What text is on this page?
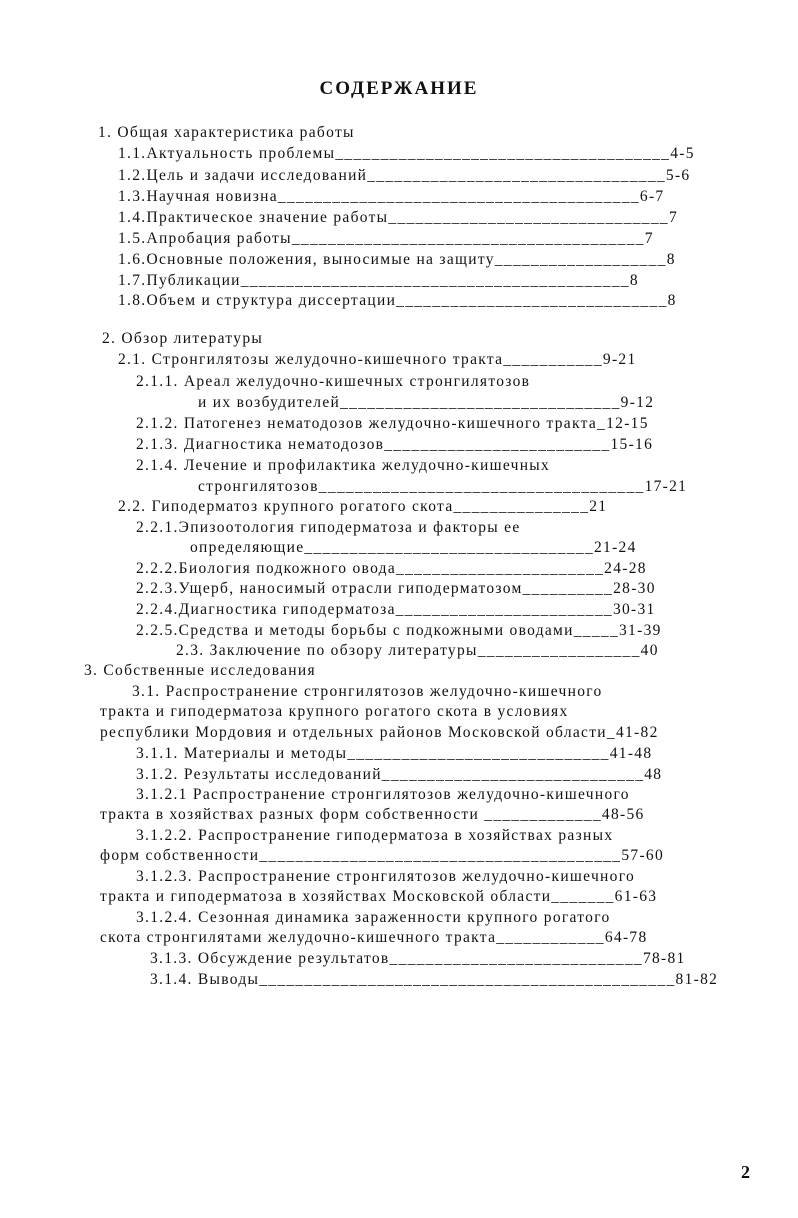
СОДЕРЖАНИЕ
1. Общая характеристика работы
1.1.Актуальность проблемы_____________________________________4-5
1.2.Цель и задачи исследований_________________________________5-6
1.3.Научная новизна________________________________________6-7
1.4.Практическое значение работы_______________________________7
1.5.Апробация работы_______________________________________7
1.6.Основные положения, выносимые на защиту___________________8
1.7.Публикации___________________________________________8
1.8.Объем и структура диссертации______________________________8
2. Обзор литературы
2.1. Стронгилятозы желудочно-кишечного тракта___________9-21
2.1.1. Ареал желудочно-кишечных стронгилятозов
и их возбудителей_______________________________9-12
2.1.2. Патогенез нематодозов желудочно-кишечного тракта_12-15
2.1.3. Диагностика нематодозов_________________________15-16
2.1.4. Лечение и профилактика желудочно-кишечных
стронгилятозов____________________________________17-21
2.2. Гиподерматоз крупного рогатого скота_______________21
2.2.1.Эпизоотология гиподерматоза и факторы ее
определяющие________________________________21-24
2.2.2.Биология подкожного овода_______________________24-28
2.2.3.Ущерб, наносимый отрасли гиподерматозом__________28-30
2.2.4.Диагностика гиподерматоза________________________30-31
2.2.5.Средства и методы борьбы с подкожными оводами_____31-39
2.3. Заключение по обзору литературы__________________40
3. Собственные исследования
3.1. Распространение стронгилятозов желудочно-кишечного
тракта и гиподерматоза крупного рогатого скота в условиях
республики Мордовия и отдельных районов Московской области_41-82
3.1.1. Материалы и методы_____________________________41-48
3.1.2. Результаты исследований_____________________________48
3.1.2.1 Распространение стронгилятозов желудочно-кишечного
тракта в хозяйствах разных форм собственности _____________48-56
3.1.2.2. Распространение гиподерматоза в хозяйствах разных
форм собственности________________________________________57-60
3.1.2.3. Распространение стронгилятозов желудочно-кишечного
тракта и гиподерматоза в хозяйствах Московской области_______61-63
3.1.2.4. Сезонная динамика зараженности крупного рогатого
скота стронгилятами желудочно-кишечного тракта____________64-78
3.1.3. Обсуждение результатов____________________________78-81
3.1.4. Выводы______________________________________________81-82
2
